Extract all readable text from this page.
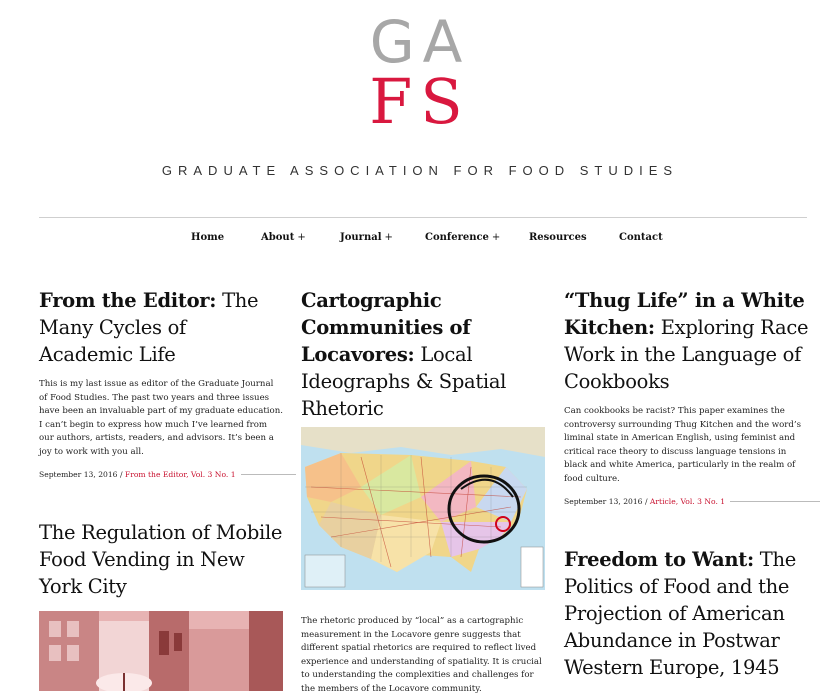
GA
FS
GRADUATE ASSOCIATION FOR FOOD STUDIES
Home	About +	Journal +	Conference +	Resources	Contact
From the Editor: The Many Cycles of Academic Life

This is my last issue as editor of the Graduate Journal of Food Studies. The past two years and three issues have been an invaluable part of my graduate education. I can’t begin to express how much I’ve learned from our authors, artists, readers, and advisors. It’s been a joy to work with you all.

September 13, 2016 / From the Editor, Vol. 3 No. 1
The Regulation of Mobile Food Vending in New York City
Cartographic Communities of Locavores: Local Ideographs & Spatial Rhetoric

The rhetoric produced by “local” as a cartographic measurement in the Locavore genre suggests that different spatial rhetorics are required to reflect lived experience and understanding of spatiality. It is crucial to understanding the complexities and challenges for the members of the Locavore community.

“Thug Life” in a White Kitchen: Exploring Race Work in the Language of Cookbooks

Can cookbooks be racist? This paper examines the controversy surrounding Thug Kitchen and the word’s liminal state in American English, using feminist and critical race theory to discuss language tensions in black and white America, particularly in the realm of food culture.

September 13, 2016 / Article, Vol. 3 No. 1
Freedom to Want: The Politics of Food and the Projection of American Abundance in Postwar Western Europe, 1945
